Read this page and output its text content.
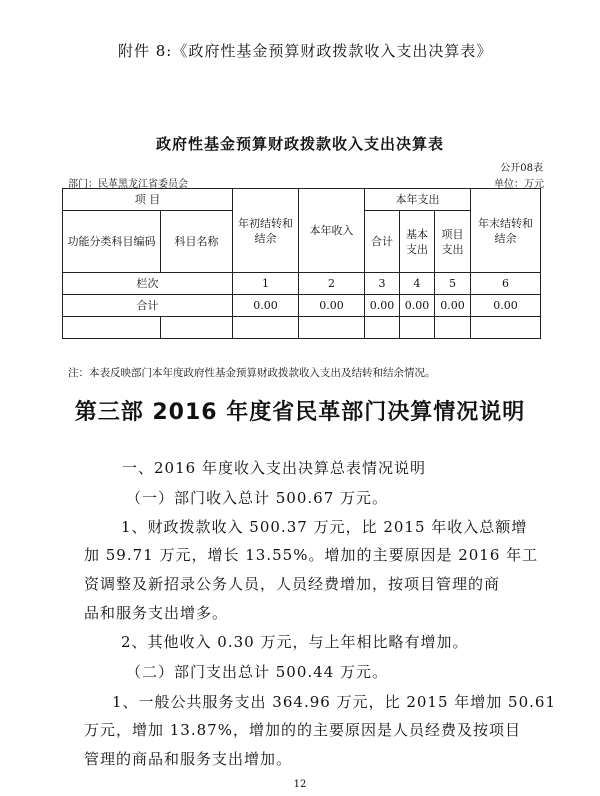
附件 8:《政府性基金预算财政拨款收入支出决算表》
政府性基金预算财政拨款收入支出决算表
公开08表
部门：民革黑龙江省委员会	单位：万元
项 目		年初结转和结余	本年收入	本年支出			年末结转和结余
功能分类科目编码	科目名称			合计	基本支出	项目支出	
栏次		1	2	3	4	5	6
合计		0.00	0.00	0.00	0.00	0.00	0.00

注：本表反映部门本年度政府性基金预算财政拨款收入支出及结转和结余情况。
第三部 2016 年度省民革部门决算情况说明
一、2016 年度收入支出决算总表情况说明
（一）部门收入总计 500.67 万元。
1、财政拨款收入 500.37 万元，比 2015 年收入总额增
加 59.71 万元，增长 13.55%。增加的主要原因是 2016 年工
资调整及新招录公务人员，人员经费增加，按项目管理的商
品和服务支出增多。
2、其他收入 0.30 万元，与上年相比略有增加。
（二）部门支出总计 500.44 万元。
1、一般公共服务支出 364.96 万元，比 2015 年增加 50.61
万元，增加 13.87%，增加的的主要原因是人员经费及按项目
管理的商品和服务支出增加。
12
